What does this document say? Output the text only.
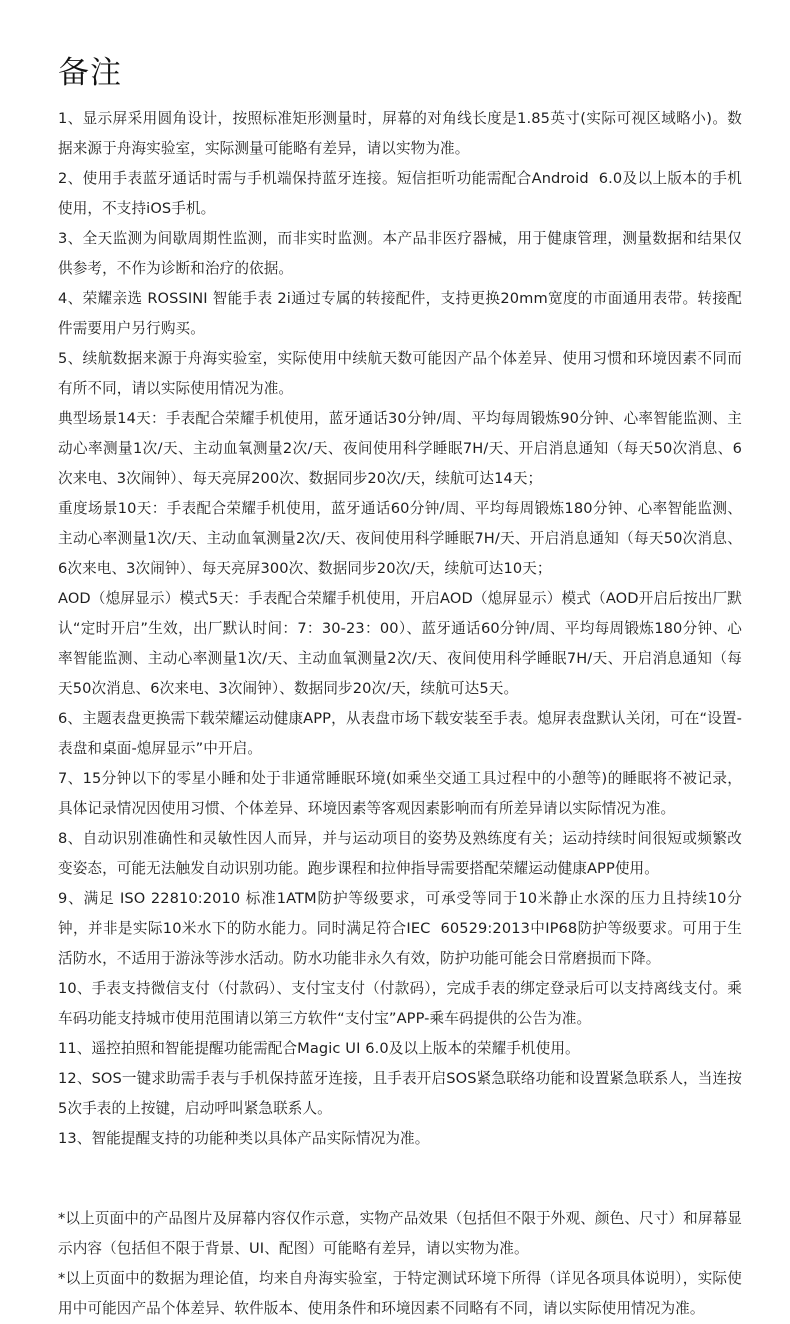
备注

1、显示屏采用圆角设计，按照标准矩形测量时，屏幕的对角线长度是1.85英寸(实际可视区域略小)。数据来源于舟海实验室，实际测量可能略有差异，请以实物为准。

2、使用手表蓝牙通话时需与手机端保持蓝牙连接。短信拒听功能需配合Android  6.0及以上版本的手机使用，不支持iOS手机。

3、全天监测为间歇周期性监测，而非实时监测。本产品非医疗器械，用于健康管理，测量数据和结果仅供参考，不作为诊断和治疗的依据。

4、荣耀亲选 ROSSINI 智能手表 2i通过专属的转接配件，支持更换20mm宽度的市面通用表带。转接配件需要用户另行购买。

5、续航数据来源于舟海实验室，实际使用中续航天数可能因产品个体差异、使用习惯和环境因素不同而有所不同，请以实际使用情况为准。

典型场景14天：手表配合荣耀手机使用，蓝牙通话30分钟/周、平均每周锻炼90分钟、心率智能监测、主动心率测量1次/天、主动血氧测量2次/天、夜间使用科学睡眠7H/天、开启消息通知（每天50次消息、6次来电、3次闹钟）、每天亮屏200次、数据同步20次/天，续航可达14天；

重度场景10天：手表配合荣耀手机使用，蓝牙通话60分钟/周、平均每周锻炼180分钟、心率智能监测、主动心率测量1次/天、主动血氧测量2次/天、夜间使用科学睡眠7H/天、开启消息通知（每天50次消息、6次来电、3次闹钟）、每天亮屏300次、数据同步20次/天，续航可达10天；

AOD（熄屏显示）模式5天：手表配合荣耀手机使用，开启AOD（熄屏显示）模式（AOD开启后按出厂默认“定时开启”生效，出厂默认时间：7：30-23：00）、蓝牙通话60分钟/周、平均每周锻炼180分钟、心率智能监测、主动心率测量1次/天、主动血氧测量2次/天、夜间使用科学睡眠7H/天、开启消息通知（每天50次消息、6次来电、3次闹钟）、数据同步20次/天，续航可达5天。

6、主题表盘更换需下载荣耀运动健康APP，从表盘市场下载安装至手表。熄屏表盘默认关闭，可在“设置-表盘和桌面-熄屏显示”中开启。

7、15分钟以下的零星小睡和处于非通常睡眠环境(如乘坐交通工具过程中的小憩等)的睡眠将不被记录，具体记录情况因使用习惯、个体差异、环境因素等客观因素影响而有所差异请以实际情况为准。

8、自动识别准确性和灵敏性因人而异，并与运动项目的姿势及熟练度有关；运动持续时间很短或频繁改变姿态，可能无法触发自动识别功能。跑步课程和拉伸指导需要搭配荣耀运动健康APP使用。

9、满足 ISO 22810:2010 标准1ATM防护等级要求，可承受等同于10米静止水深的压力且持续10分钟，并非是实际10米水下的防水能力。同时满足符合IEC  60529:2013中IP68防护等级要求。可用于生活防水，不适用于游泳等涉水活动。防水功能非永久有效，防护功能可能会日常磨损而下降。

10、手表支持微信支付（付款码）、支付宝支付（付款码），完成手表的绑定登录后可以支持离线支付。乘车码功能支持城市使用范围请以第三方软件“支付宝”APP-乘车码提供的公告为准。

11、遥控拍照和智能提醒功能需配合Magic UI 6.0及以上版本的荣耀手机使用。

12、SOS一键求助需手表与手机保持蓝牙连接，且手表开启SOS紧急联络功能和设置紧急联系人，当连按5次手表的上按键，启动呼叫紧急联系人。

13、智能提醒支持的功能种类以具体产品实际情况为准。

*以上页面中的产品图片及屏幕内容仅作示意，实物产品效果（包括但不限于外观、颜色、尺寸）和屏幕显示内容（包括但不限于背景、UI、配图）可能略有差异，请以实物为准。

*以上页面中的数据为理论值，均来自舟海实验室，于特定测试环境下所得（详见各项具体说明），实际使用中可能因产品个体差异、软件版本、使用条件和环境因素不同略有不同，请以实际使用情况为准。
